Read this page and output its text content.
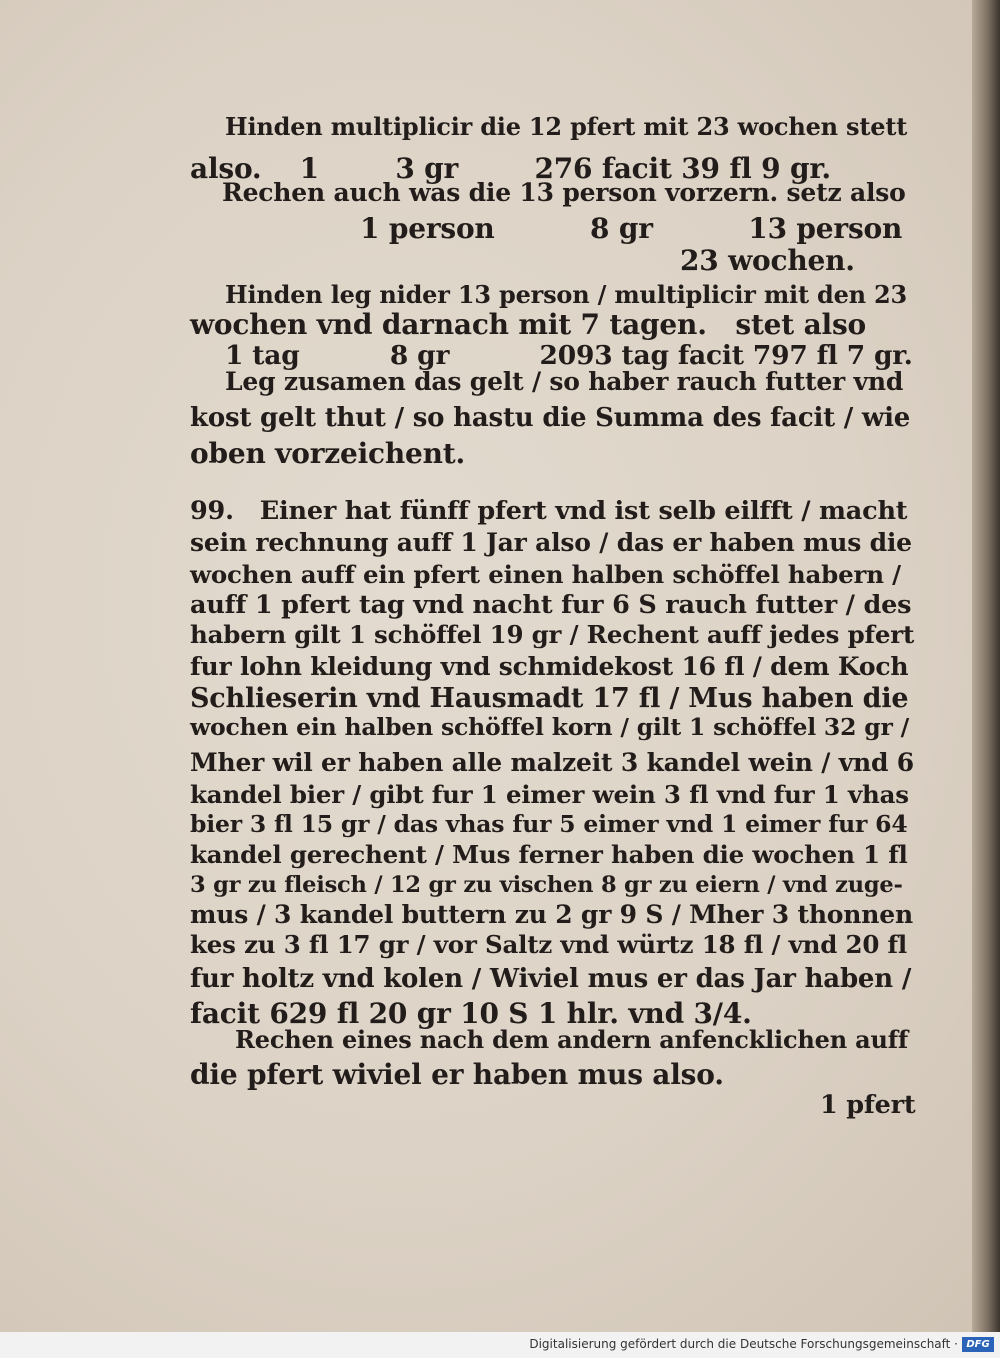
Hinden multiplicir die 12 pfert mit 23 wochen stett
also.    1        3 gr        276 facit 39 fl 9 gr.
Rechen auch was die 13 person vorzern. setz also
1 person          8 gr          13 person
23 wochen.
Hinden leg nider 13 person / multiplicir mit den 23
wochen vnd darnach mit 7 tagen.   stet also
1 tag          8 gr          2093 tag facit 797 fl 7 gr.
Leg zusamen das gelt / so haber rauch futter vnd
kost gelt thut / so hastu die Summa des facit / wie
oben vorzeichent.
99.   Einer hat fünff pfert vnd ist selb eilfft / macht
sein rechnung auff 1 Jar also / das er haben mus die
wochen auff ein pfert einen halben schöffel habern /
auff 1 pfert tag vnd nacht fur 6 S rauch futter / des
habern gilt 1 schöffel 19 gr / Rechent auff jedes pfert
fur lohn kleidung vnd schmidekost 16 fl / dem Koch
Schlieserin vnd Hausmadt 17 fl / Mus haben die
wochen ein halben schöffel korn / gilt 1 schöffel 32 gr /
Mher wil er haben alle malzeit 3 kandel wein / vnd 6
kandel bier / gibt fur 1 eimer wein 3 fl vnd fur 1 vhas
bier 3 fl 15 gr / das vhas fur 5 eimer vnd 1 eimer fur 64
kandel gerechent / Mus ferner haben die wochen 1 fl
3 gr zu fleisch / 12 gr zu vischen 8 gr zu eiern / vnd zuge-
mus / 3 kandel buttern zu 2 gr 9 S / Mher 3 thonnen
kes zu 3 fl 17 gr / vor Saltz vnd würtz 18 fl / vnd 20 fl
fur holtz vnd kolen / Wiviel mus er das Jar haben /
facit 629 fl 20 gr 10 S 1 hlr. vnd 3/4.
Rechen eines nach dem andern anfencklichen auff
die pfert wiviel er haben mus also.
1 pfert
Digitalisierung gefördert durch die Deutsche Forschungsgemeinschaft · DFG
